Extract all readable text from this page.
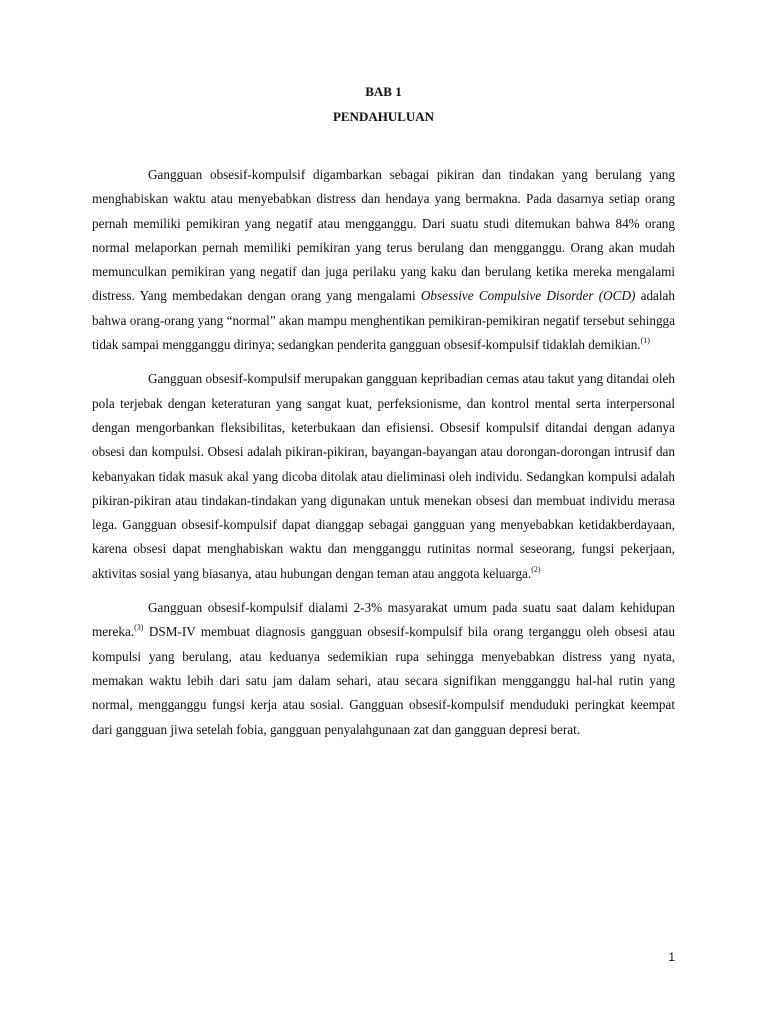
BAB 1

PENDAHULUAN

Gangguan obsesif-kompulsif digambarkan sebagai pikiran dan tindakan yang berulang yang menghabiskan waktu atau menyebabkan distress dan hendaya yang bermakna. Pada dasarnya setiap orang pernah memiliki pemikiran yang negatif atau mengganggu. Dari suatu studi ditemukan bahwa 84% orang normal melaporkan pernah memiliki pemikiran yang terus berulang dan mengganggu. Orang akan mudah memunculkan pemikiran yang negatif dan juga perilaku yang kaku dan berulang ketika mereka mengalami distress. Yang membedakan dengan orang yang mengalami Obsessive Compulsive Disorder (OCD) adalah bahwa orang-orang yang “normal” akan mampu menghentikan pemikiran-pemikiran negatif tersebut sehingga tidak sampai mengganggu dirinya; sedangkan penderita gangguan obsesif-kompulsif tidaklah demikian.$^{(1)}$

Gangguan obsesif-kompulsif merupakan gangguan kepribadian cemas atau takut yang ditandai oleh pola terjebak dengan keteraturan yang sangat kuat, perfeksionisme, dan kontrol mental serta interpersonal dengan mengorbankan fleksibilitas, keterbukaan dan efisiensi. Obsesif kompulsif ditandai dengan adanya obsesi dan kompulsi. Obsesi adalah pikiran-pikiran, bayangan-bayangan atau dorongan-dorongan intrusif dan kebanyakan tidak masuk akal yang dicoba ditolak atau dieliminasi oleh individu. Sedangkan kompulsi adalah pikiran-pikiran atau tindakan-tindakan yang digunakan untuk menekan obsesi dan membuat individu merasa lega. Gangguan obsesif-kompulsif dapat dianggap sebagai gangguan yang menyebabkan ketidakberdayaan, karena obsesi dapat menghabiskan waktu dan mengganggu rutinitas normal seseorang, fungsi pekerjaan, aktivitas sosial yang biasanya, atau hubungan dengan teman atau anggota keluarga.$^{(2)}$

Gangguan obsesif-kompulsif dialami 2-3% masyarakat umum pada suatu saat dalam kehidupan mereka.$^{(3)}$ DSM-IV membuat diagnosis gangguan obsesif-kompulsif bila orang terganggu oleh obsesi atau kompulsi yang berulang, atau keduanya sedemikian rupa sehingga menyebabkan distress yang nyata, memakan waktu lebih dari satu jam dalam sehari, atau secara signifikan mengganggu hal-hal rutin yang normal, mengganggu fungsi kerja atau sosial. Gangguan obsesif-kompulsif menduduki peringkat keempat dari gangguan jiwa setelah fobia, gangguan penyalahgunaan zat dan gangguan depresi berat.

1
